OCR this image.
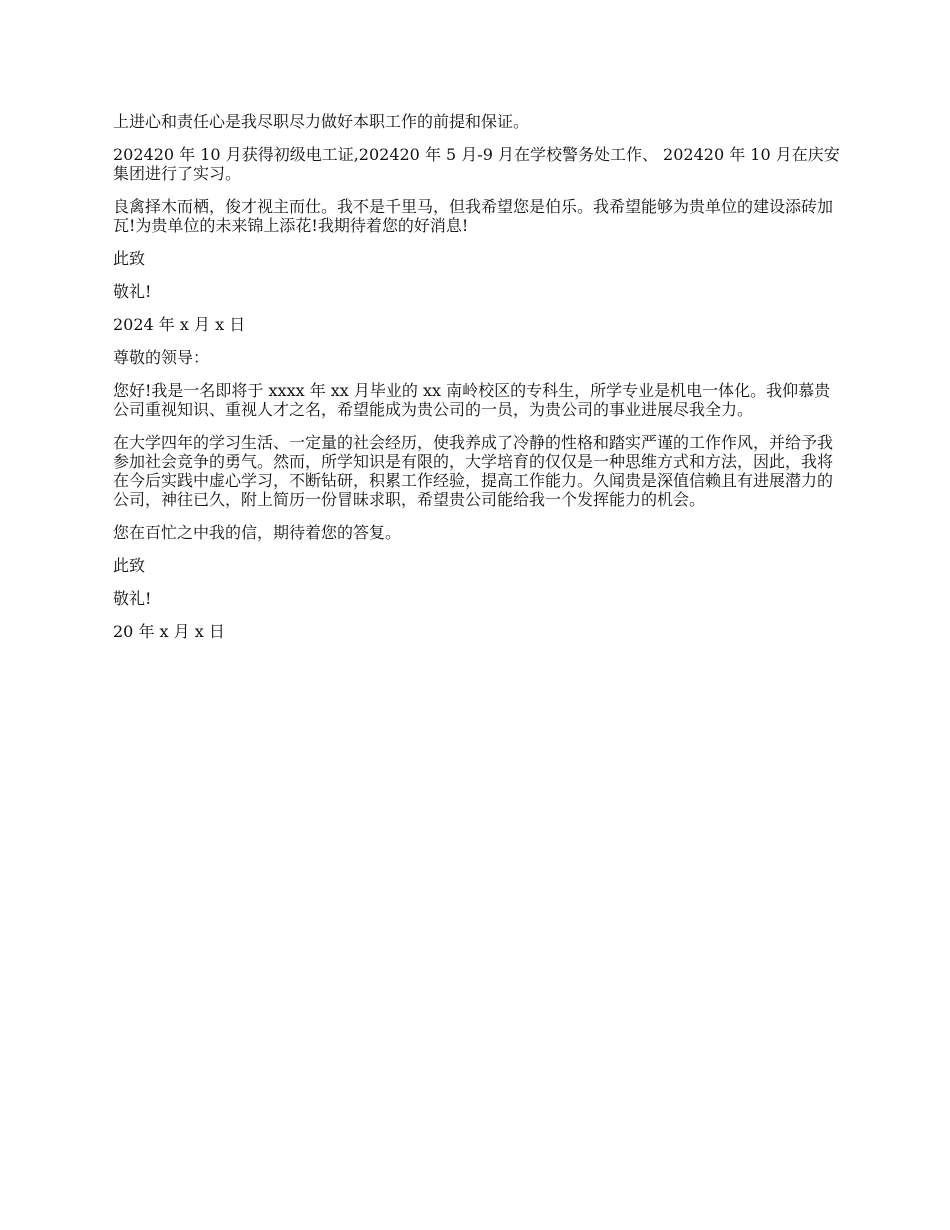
上进心和责任心是我尽职尽力做好本职工作的前提和保证。

202420 年 10 月获得初级电工证,202420 年 5 月-9 月在学校警务处工作、 202420 年 10 月在庆安集团进行了实习。

良禽择木而栖，俊才视主而仕。我不是千里马，但我希望您是伯乐。我希望能够为贵单位的建设添砖加瓦!为贵单位的未来锦上添花!我期待着您的好消息!

此致

敬礼!

2024 年 x 月 x 日

尊敬的领导：

您好!我是一名即将于 xxxx 年 xx 月毕业的 xx 南岭校区的专科生，所学专业是机电一体化。我仰慕贵公司重视知识、重视人才之名，希望能成为贵公司的一员，为贵公司的事业进展尽我全力。

在大学四年的学习生活、一定量的社会经历，使我养成了冷静的性格和踏实严谨的工作作风，并给予我参加社会竞争的勇气。然而，所学知识是有限的，大学培育的仅仅是一种思维方式和方法，因此，我将在今后实践中虚心学习，不断钻研，积累工作经验，提高工作能力。久闻贵是深值信赖且有进展潜力的公司，神往已久，附上简历一份冒昧求职，希望贵公司能给我一个发挥能力的机会。

您在百忙之中我的信，期待着您的答复。

此致

敬礼!

20 年 x 月 x 日
